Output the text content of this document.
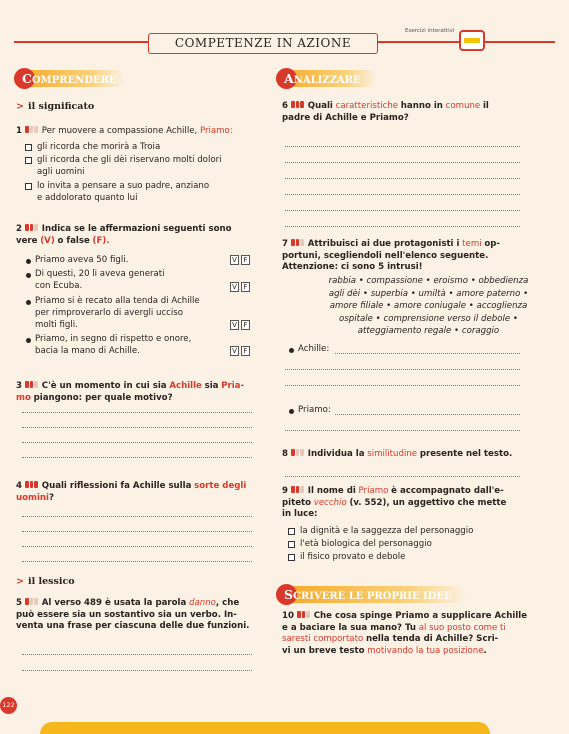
COMPETENZE IN AZIONE
Esercizi interattivi
COMPRENDERE
> il significato
1 Per muovere a compassione Achille, Priamo:
gli ricorda che morirà a Troia
gli ricorda che gli dèi riservano molti dolori
agli uomini
lo invita a pensare a suo padre, anziano
e addolorato quanto lui
2 Indica se le affermazioni seguenti sono
vere (V) o false (F).
Priamo aveva 50 figli.	V F
Di questi, 20 li aveva generati
con Ecuba.	V F
Priamo si è recato alla tenda di Achille
per rimproverarlo di avergli ucciso
molti figli.	V F
Priamo, in segno di rispetto e onore,
bacia la mano di Achille.	V F
3 C'è un momento in cui sia Achille sia Pria-
mo piangono: per quale motivo?
4 Quali riflessioni fa Achille sulla sorte degli
uomini?
> il lessico
5 Al verso 489 è usata la parola danno, che
può essere sia un sostantivo sia un verbo. In-
venta una frase per ciascuna delle due funzioni.
ANALIZZARE
6 Quali caratteristiche hanno in comune il
padre di Achille e Priamo?
7 Attribuisci ai due protagonisti i temi op-
portuni, scegliendoli nell'elenco seguente.
Attenzione: ci sono 5 intrusi!
rabbia • compassione • eroismo • obbedienza
agli dèi • superbia • umiltà • amore paterno •
amore filiale • amore coniugale • accoglienza
ospitale • comprensione verso il debole •
atteggiamento regale • coraggio
Achille:
Priamo:
8 Individua la similitudine presente nel testo.
9 Il nome di Priamo è accompagnato dall'e-
piteto vecchio (v. 552), un aggettivo che mette
in luce:
la dignità e la saggezza del personaggio
l'età biologica del personaggio
il fisico provato e debole
SCRIVERE LE PROPRIE IDEE
10 Che cosa spinge Priamo a supplicare Achille
e a baciare la sua mano? Tu al suo posto come ti
saresti comportato nella tenda di Achille? Scri-
vi un breve testo motivando la tua posizione.
122
